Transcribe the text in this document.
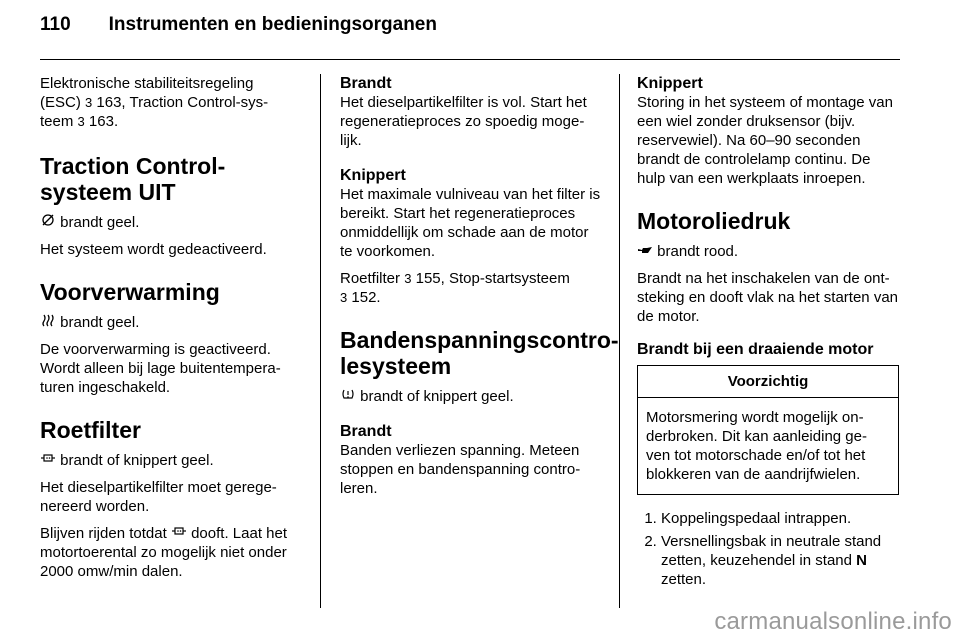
110 Instrumenten en bedieningsorganen

Elektronische stabiliteitsregeling
(ESC) 3 163, Traction Control-sys-
teem 3 163.

Traction Control-systeem UIT

brandt geel.

Het systeem wordt gedeactiveerd.

Voorverwarming

brandt geel.

De voorverwarming is geactiveerd. Wordt alleen bij lage buitentempera-turen ingeschakeld.

Roetfilter

brandt of knippert geel.

Het dieselpartikelfilter moet gerege-nereerd worden.

Blijven rijden totdat dooft. Laat het motortoerental zo mogelijk niet onder 2000 omw/min dalen.

Brandt

Het dieselpartikelfilter is vol. Start het regeneratieproces zo spoedig moge-lijk.

Knippert

Het maximale vulniveau van het filter is bereikt. Start het regeneratieproces onmiddellijk om schade aan de motor te voorkomen.

Roetfilter 3 155, Stop-startsysteem
3 152.

Bandenspanningscontro-lesysteem

brandt of knippert geel.

Brandt

Banden verliezen spanning. Meteen stoppen en bandenspanning contro-leren.

Knippert

Storing in het systeem of montage van een wiel zonder druksensor (bijv. reservewiel). Na 60–90 seconden brandt de controlelamp continu. De hulp van een werkplaats inroepen.

Motoroliedruk

brandt rood.

Brandt na het inschakelen van de ont-steking en dooft vlak na het starten van de motor.

Brandt bij een draaiende motor
Voorzichtig
Motorsmering wordt mogelijk on-derbroken. Dit kan aanleiding ge-ven tot motorschade en/of tot het blokkeren van de aandrijfwielen.
1. Koppelingspedaal intrappen.
2. Versnellingsbak in neutrale stand zetten, keuzehendel in stand N zetten.
carmanualsonline.info
